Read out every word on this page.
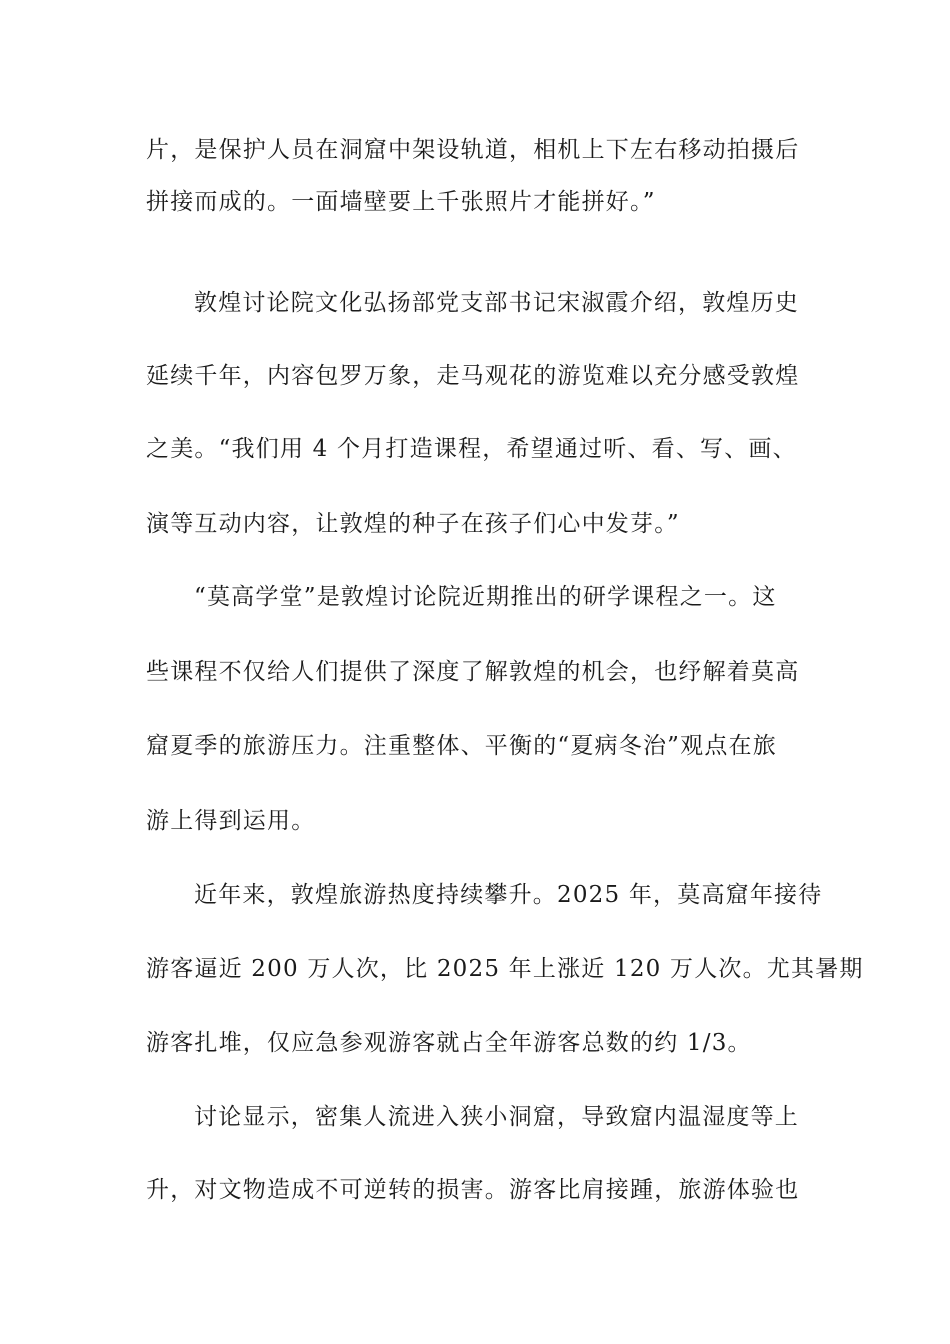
片，是保护人员在洞窟中架设轨道，相机上下左右移动拍摄后
拼接而成的。一面墙壁要上千张照片才能拼好。”
敦煌讨论院文化弘扬部党支部书记宋淑霞介绍，敦煌历史
延续千年，内容包罗万象，走马观花的游览难以充分感受敦煌
之美。“我们用 4 个月打造课程，希望通过听、看、写、画、
演等互动内容，让敦煌的种子在孩子们心中发芽。”
“莫高学堂”是敦煌讨论院近期推出的研学课程之一。这
些课程不仅给人们提供了深度了解敦煌的机会，也纾解着莫高
窟夏季的旅游压力。注重整体、平衡的“夏病冬治”观点在旅
游上得到运用。
近年来，敦煌旅游热度持续攀升。2025 年，莫高窟年接待
游客逼近 200 万人次，比 2025 年上涨近 120 万人次。尤其暑期
游客扎堆，仅应急参观游客就占全年游客总数的约 1/3。
讨论显示，密集人流进入狭小洞窟，导致窟内温湿度等上
升，对文物造成不可逆转的损害。游客比肩接踵，旅游体验也
